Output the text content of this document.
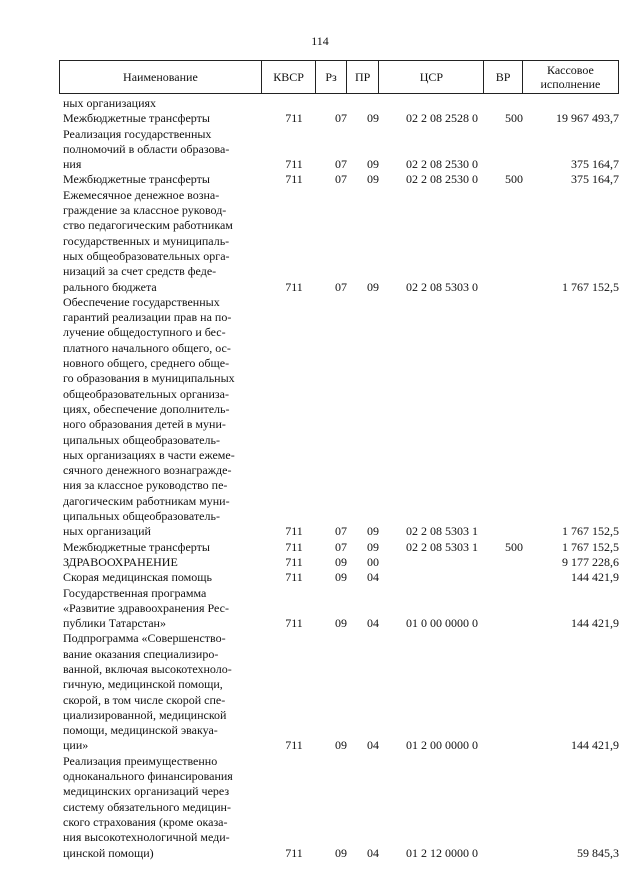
114
Наименование	КВСР	Рз	ПР	ЦСР	ВР	Кассовое
исполнение
ных организациях
Межбюджетные трансферты	711	07	09	02 2 08 2528 0	500	19 967 493,7
Реализация государственных
полномочий в области образова-
ния	711	07	09	02 2 08 2530 0	375 164,7
Межбюджетные трансферты	711	07	09	02 2 08 2530 0	500	375 164,7
Ежемесячное денежное возна-
граждение за классное руковод-
ство педагогическим работникам
государственных и муниципаль-
ных общеобразовательных орга-
низаций за счет средств феде-
рального бюджета	711	07	09	02 2 08 5303 0	1 767 152,5
Обеспечение государственных
гарантий реализации прав на по-
лучение общедоступного и бес-
платного начального общего, ос-
новного общего, среднего обще-
го образования в муниципальных
общеобразовательных организа-
циях, обеспечение дополнитель-
ного образования детей в муни-
ципальных общеобразователь-
ных организациях в части ежеме-
сячного денежного вознагражде-
ния за классное руководство пе-
дагогическим работникам муни-
ципальных общеобразователь-
ных организаций	711	07	09	02 2 08 5303 1	1 767 152,5
Межбюджетные трансферты	711	07	09	02 2 08 5303 1	500	1 767 152,5
ЗДРАВООХРАНЕНИЕ	711	09	00	9 177 228,6
Скорая медицинская помощь	711	09	04	144 421,9
Государственная программа
«Развитие здравоохранения Рес-
публики Татарстан»	711	09	04	01 0 00 0000 0	144 421,9
Подпрограмма «Совершенство-
вание оказания специализиро-
ванной, включая высокотехноло-
гичную, медицинской помощи,
скорой, в том числе скорой спе-
циализированной, медицинской
помощи, медицинской эвакуа-
ции»	711	09	04	01 2 00 0000 0	144 421,9
Реализация преимущественно
одноканального финансирования
медицинских организаций через
систему обязательного медицин-
ского страхования (кроме оказа-
ния высокотехнологичной меди-
цинской помощи)	711	09	04	01 2 12 0000 0	59 845,3
